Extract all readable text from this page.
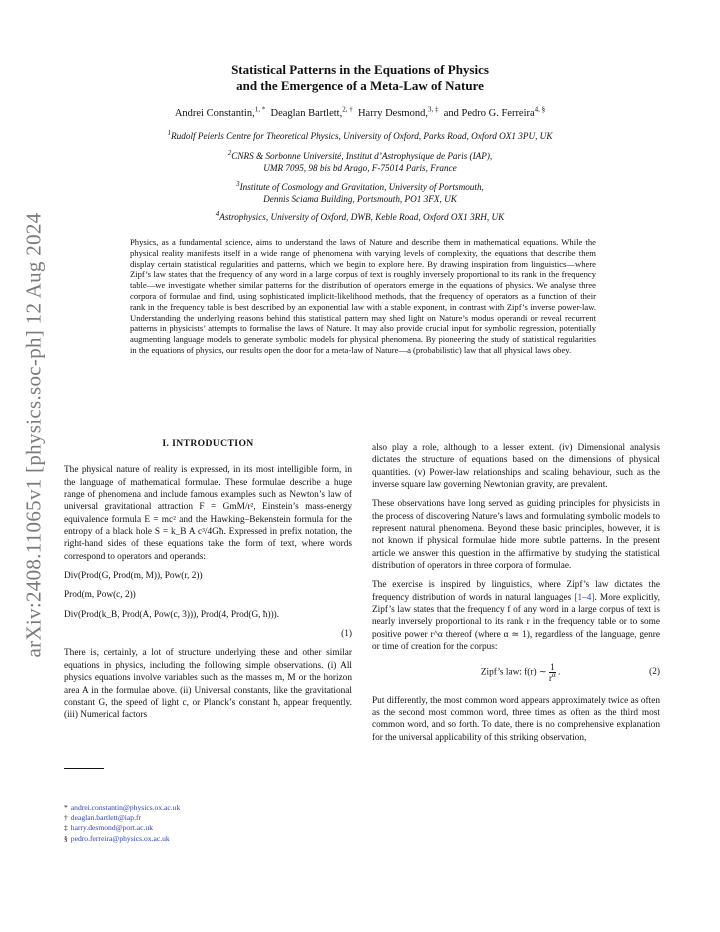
arXiv:2408.11065v1 [physics.soc-ph] 12 Aug 2024
Statistical Patterns in the Equations of Physics
and the Emergence of a Meta-Law of Nature
Andrei Constantin,$^{1, *}$ Deaglan Bartlett,$^{2, \dagger}$ Harry Desmond,$^{3, \ddagger}$ and Pedro G. Ferreira$^{4, \S}$
$^1$Rudolf Peierls Centre for Theoretical Physics, University of Oxford, Parks Road, Oxford OX1 3PU, UK
$^2$CNRS & Sorbonne Université, Institut d’Astrophysique de Paris (IAP),
UMR 7095, 98 bis bd Arago, F-75014 Paris, France
$^3$Institute of Cosmology and Gravitation, University of Portsmouth,
Dennis Sciama Building, Portsmouth, PO1 3FX, UK
$^4$Astrophysics, University of Oxford, DWB, Keble Road, Oxford OX1 3RH, UK
Physics, as a fundamental science, aims to understand the laws of Nature and describe them in mathematical equations. While the physical reality manifests itself in a wide range of phenomena with varying levels of complexity, the equations that describe them display certain statistical regularities and patterns, which we begin to explore here. By drawing inspiration from linguistics—where Zipf’s law states that the frequency of any word in a large corpus of text is roughly inversely proportional to its rank in the frequency table—we investigate whether similar patterns for the distribution of operators emerge in the equations of physics. We analyse three corpora of formulae and find, using sophisticated implicit-likelihood methods, that the frequency of operators as a function of their rank in the frequency table is best described by an exponential law with a stable exponent, in contrast with Zipf’s inverse power-law. Understanding the underlying reasons behind this statistical pattern may shed light on Nature’s modus operandi or reveal recurrent patterns in physicists’ attempts to formalise the laws of Nature. It may also provide crucial input for symbolic regression, potentially augmenting language models to generate symbolic models for physical phenomena. By pioneering the study of statistical regularities in the equations of physics, our results open the door for a meta-law of Nature—a (probabilistic) law that all physical laws obey.
I. INTRODUCTION

The physical nature of reality is expressed, in its most intelligible form, in the language of mathematical formulae. These formulae describe a huge range of phenomena and include famous examples such as Newton’s law of universal gravitational attraction F = GmM/r², Einstein’s mass-energy equivalence formula E = mc² and the Hawking–Bekenstein formula for the entropy of a black hole S = k_B A c³/4Għ. Expressed in prefix notation, the right-hand sides of these equations take the form of text, where words correspond to operators and operands:

Div(Prod(G, Prod(m, M)), Pow(r, 2))

Prod(m, Pow(c, 2))

Div(Prod(k_B, Prod(A, Pow(c, 3))), Prod(4, Prod(G, ħ))).

(1)

There is, certainly, a lot of structure underlying these and other similar equations in physics, including the following simple observations. (i) All physics equations involve variables such as the masses m, M or the horizon area A in the formulae above. (ii) Universal constants, like the gravitational constant G, the speed of light c, or Planck’s constant ħ, appear frequently. (iii) Numerical factors

also play a role, although to a lesser extent. (iv) Dimensional analysis dictates the structure of equations based on the dimensions of physical quantities. (v) Power-law relationships and scaling behaviour, such as the inverse square law governing Newtonian gravity, are prevalent.

These observations have long served as guiding principles for physicists in the process of discovering Nature’s laws and formulating symbolic models to represent natural phenomena. Beyond these basic principles, however, it is not known if physical formulae hide more subtle patterns. In the present article we answer this question in the affirmative by studying the statistical distribution of operators in three corpora of formulae.

The exercise is inspired by linguistics, where Zipf’s law dictates the frequency distribution of words in natural languages [1–4]. More explicitly, Zipf’s law states that the frequency f of any word in a large corpus of text is nearly inversely proportional to its rank r in the frequency table or to some positive power r^α thereof (where α ≃ 1), regardless of the language, genre or time of creation for the corpus:

Zipf’s law: f(r) ∼ $\frac{1}{r^\alpha}$ .	(2)

Put differently, the most common word appears approximately twice as often as the second most common word, three times as often as the third most common word, and so forth. To date, there is no comprehensive explanation for the universal applicability of this striking observation,

* andrei.constantin@physics.ox.ac.uk
† deaglan.bartlett@iap.fr
‡ harry.desmond@port.ac.uk
§ pedro.ferreira@physics.ox.ac.uk
